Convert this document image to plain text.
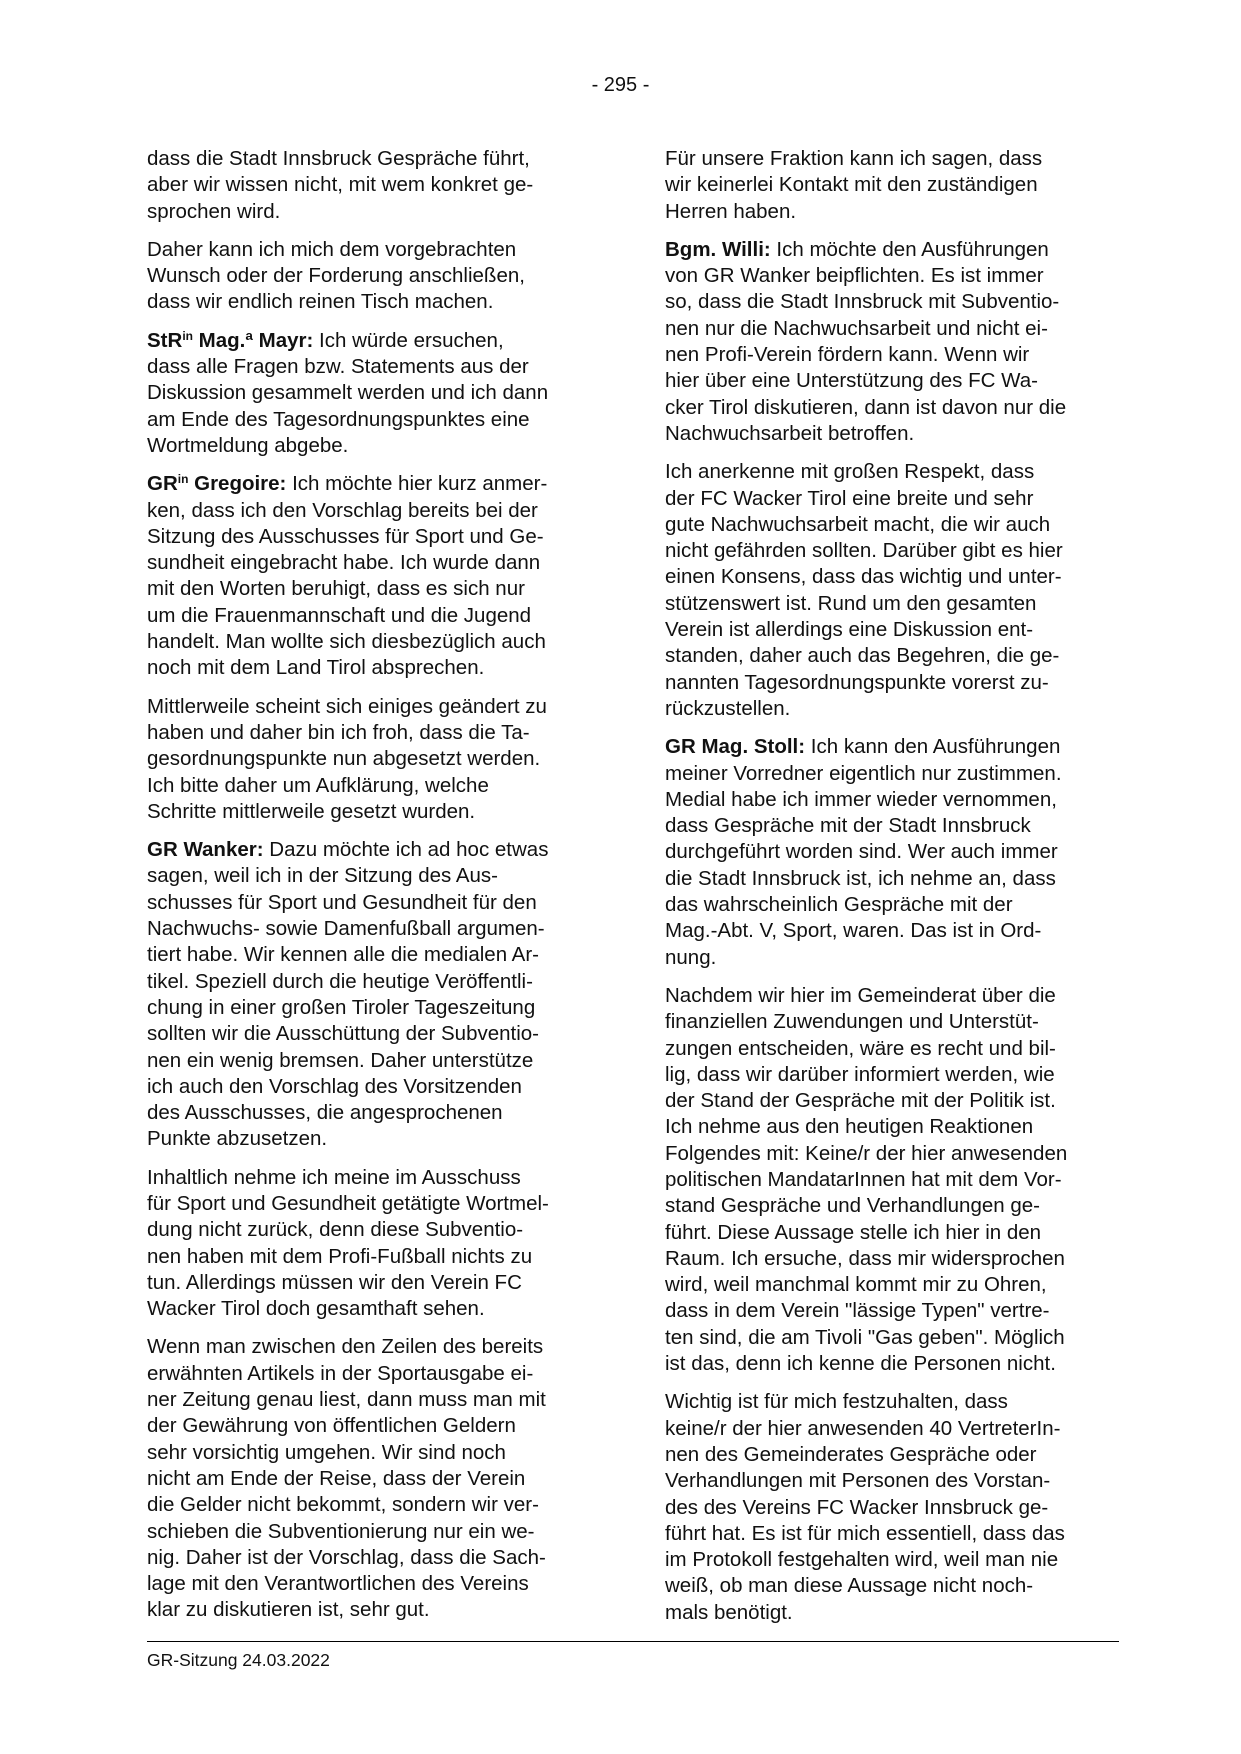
- 295 -

dass die Stadt Innsbruck Gespräche führt,
aber wir wissen nicht, mit wem konkret ge-
sprochen wird.

Daher kann ich mich dem vorgebrachten
Wunsch oder der Forderung anschließen,
dass wir endlich reinen Tisch machen.

StR$^{in}$ Mag.ª Mayr: Ich würde ersuchen,
dass alle Fragen bzw. Statements aus der
Diskussion gesammelt werden und ich dann
am Ende des Tagesordnungspunktes eine
Wortmeldung abgebe.

$GR^{in}$ Gregoire: Ich möchte hier kurz anmer-
ken, dass ich den Vorschlag bereits bei der
Sitzung des Ausschusses für Sport und Ge-
sundheit eingebracht habe. Ich wurde dann
mit den Worten beruhigt, dass es sich nur
um die Frauenmannschaft und die Jugend
handelt. Man wollte sich diesbezüglich auch
noch mit dem Land Tirol absprechen.

Mittlerweile scheint sich einiges geändert zu
haben und daher bin ich froh, dass die Ta-
gesordnungspunkte nun abgesetzt werden.
Ich bitte daher um Aufklärung, welche
Schritte mittlerweile gesetzt wurden.

GR Wanker: Dazu möchte ich ad hoc etwas
sagen, weil ich in der Sitzung des Aus-
schusses für Sport und Gesundheit für den
Nachwuchs- sowie Damenfußball argumen-
tiert habe. Wir kennen alle die medialen Ar-
tikel. Speziell durch die heutige Veröffentli-
chung in einer großen Tiroler Tageszeitung
sollten wir die Ausschüttung der Subventio-
nen ein wenig bremsen. Daher unterstütze
ich auch den Vorschlag des Vorsitzenden
des Ausschusses, die angesprochenen
Punkte abzusetzen.

Inhaltlich nehme ich meine im Ausschuss
für Sport und Gesundheit getätigte Wortmel-
dung nicht zurück, denn diese Subventio-
nen haben mit dem Profi-Fußball nichts zu
tun. Allerdings müssen wir den Verein FC
Wacker Tirol doch gesamthaft sehen.

Wenn man zwischen den Zeilen des bereits
erwähnten Artikels in der Sportausgabe ei-
ner Zeitung genau liest, dann muss man mit
der Gewährung von öffentlichen Geldern
sehr vorsichtig umgehen. Wir sind noch
nicht am Ende der Reise, dass der Verein
die Gelder nicht bekommt, sondern wir ver-
schieben die Subventionierung nur ein we-
nig. Daher ist der Vorschlag, dass die Sach-
lage mit den Verantwortlichen des Vereins
klar zu diskutieren ist, sehr gut.

Für unsere Fraktion kann ich sagen, dass
wir keinerlei Kontakt mit den zuständigen
Herren haben.

Bgm. Willi: Ich möchte den Ausführungen
von GR Wanker beipflichten. Es ist immer
so, dass die Stadt Innsbruck mit Subventio-
nen nur die Nachwuchsarbeit und nicht ei-
nen Profi-Verein fördern kann. Wenn wir
hier über eine Unterstützung des FC Wa-
cker Tirol diskutieren, dann ist davon nur die
Nachwuchsarbeit betroffen.

Ich anerkenne mit großen Respekt, dass
der FC Wacker Tirol eine breite und sehr
gute Nachwuchsarbeit macht, die wir auch
nicht gefährden sollten. Darüber gibt es hier
einen Konsens, dass das wichtig und unter-
stützenswert ist. Rund um den gesamten
Verein ist allerdings eine Diskussion ent-
standen, daher auch das Begehren, die ge-
nannten Tagesordnungspunkte vorerst zu-
rückzustellen.

GR Mag. Stoll: Ich kann den Ausführungen
meiner Vorredner eigentlich nur zustimmen.
Medial habe ich immer wieder vernommen,
dass Gespräche mit der Stadt Innsbruck
durchgeführt worden sind. Wer auch immer
die Stadt Innsbruck ist, ich nehme an, dass
das wahrscheinlich Gespräche mit der
Mag.-Abt. V, Sport, waren. Das ist in Ord-
nung.

Nachdem wir hier im Gemeinderat über die
finanziellen Zuwendungen und Unterstüt-
zungen entscheiden, wäre es recht und bil-
lig, dass wir darüber informiert werden, wie
der Stand der Gespräche mit der Politik ist.
Ich nehme aus den heutigen Reaktionen
Folgendes mit: Keine/r der hier anwesenden
politischen MandatarInnen hat mit dem Vor-
stand Gespräche und Verhandlungen ge-
führt. Diese Aussage stelle ich hier in den
Raum. Ich ersuche, dass mir widersprochen
wird, weil manchmal kommt mir zu Ohren,
dass in dem Verein "lässige Typen" vertre-
ten sind, die am Tivoli "Gas geben". Möglich
ist das, denn ich kenne die Personen nicht.

Wichtig ist für mich festzuhalten, dass
keine/r der hier anwesenden 40 VertreterIn-
nen des Gemeinderates Gespräche oder
Verhandlungen mit Personen des Vorstan-
des des Vereins FC Wacker Innsbruck ge-
führt hat. Es ist für mich essentiell, dass das
im Protokoll festgehalten wird, weil man nie
weiß, ob man diese Aussage nicht noch-
mals benötigt.

GR-Sitzung 24.03.2022
